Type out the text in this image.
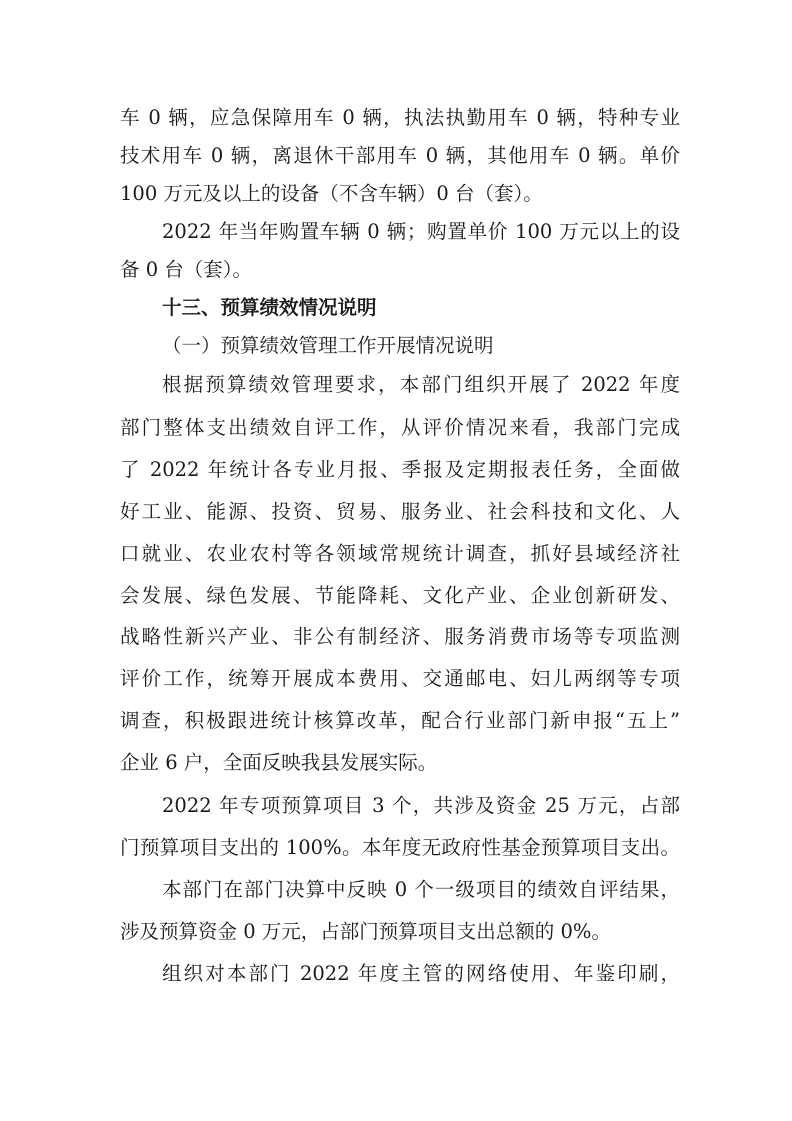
车 0 辆，应急保障用车 0 辆，执法执勤用车 0 辆，特种专业
技术用车 0 辆，离退休干部用车 0 辆，其他用车 0 辆。单价
100 万元及以上的设备（不含车辆）0 台（套）。
2022 年当年购置车辆 0 辆；购置单价 100 万元以上的设
备 0 台（套）。
十三、预算绩效情况说明
（一）预算绩效管理工作开展情况说明
根据预算绩效管理要求，本部门组织开展了 2022 年度
部门整体支出绩效自评工作，从评价情况来看，我部门完成
了 2022 年统计各专业月报、季报及定期报表任务，全面做
好工业、能源、投资、贸易、服务业、社会科技和文化、人
口就业、农业农村等各领域常规统计调查，抓好县域经济社
会发展、绿色发展、节能降耗、文化产业、企业创新研发、
战略性新兴产业、非公有制经济、服务消费市场等专项监测
评价工作，统筹开展成本费用、交通邮电、妇儿两纲等专项
调查，积极跟进统计核算改革，配合行业部门新申报“五上”
企业 6 户，全面反映我县发展实际。
2022 年专项预算项目 3 个，共涉及资金 25 万元，占部
门预算项目支出的 100%。本年度无政府性基金预算项目支出。
本部门在部门决算中反映 0 个一级项目的绩效自评结果，
涉及预算资金 0 万元，占部门预算项目支出总额的 0%。
组织对本部门 2022 年度主管的网络使用、年鉴印刷，
